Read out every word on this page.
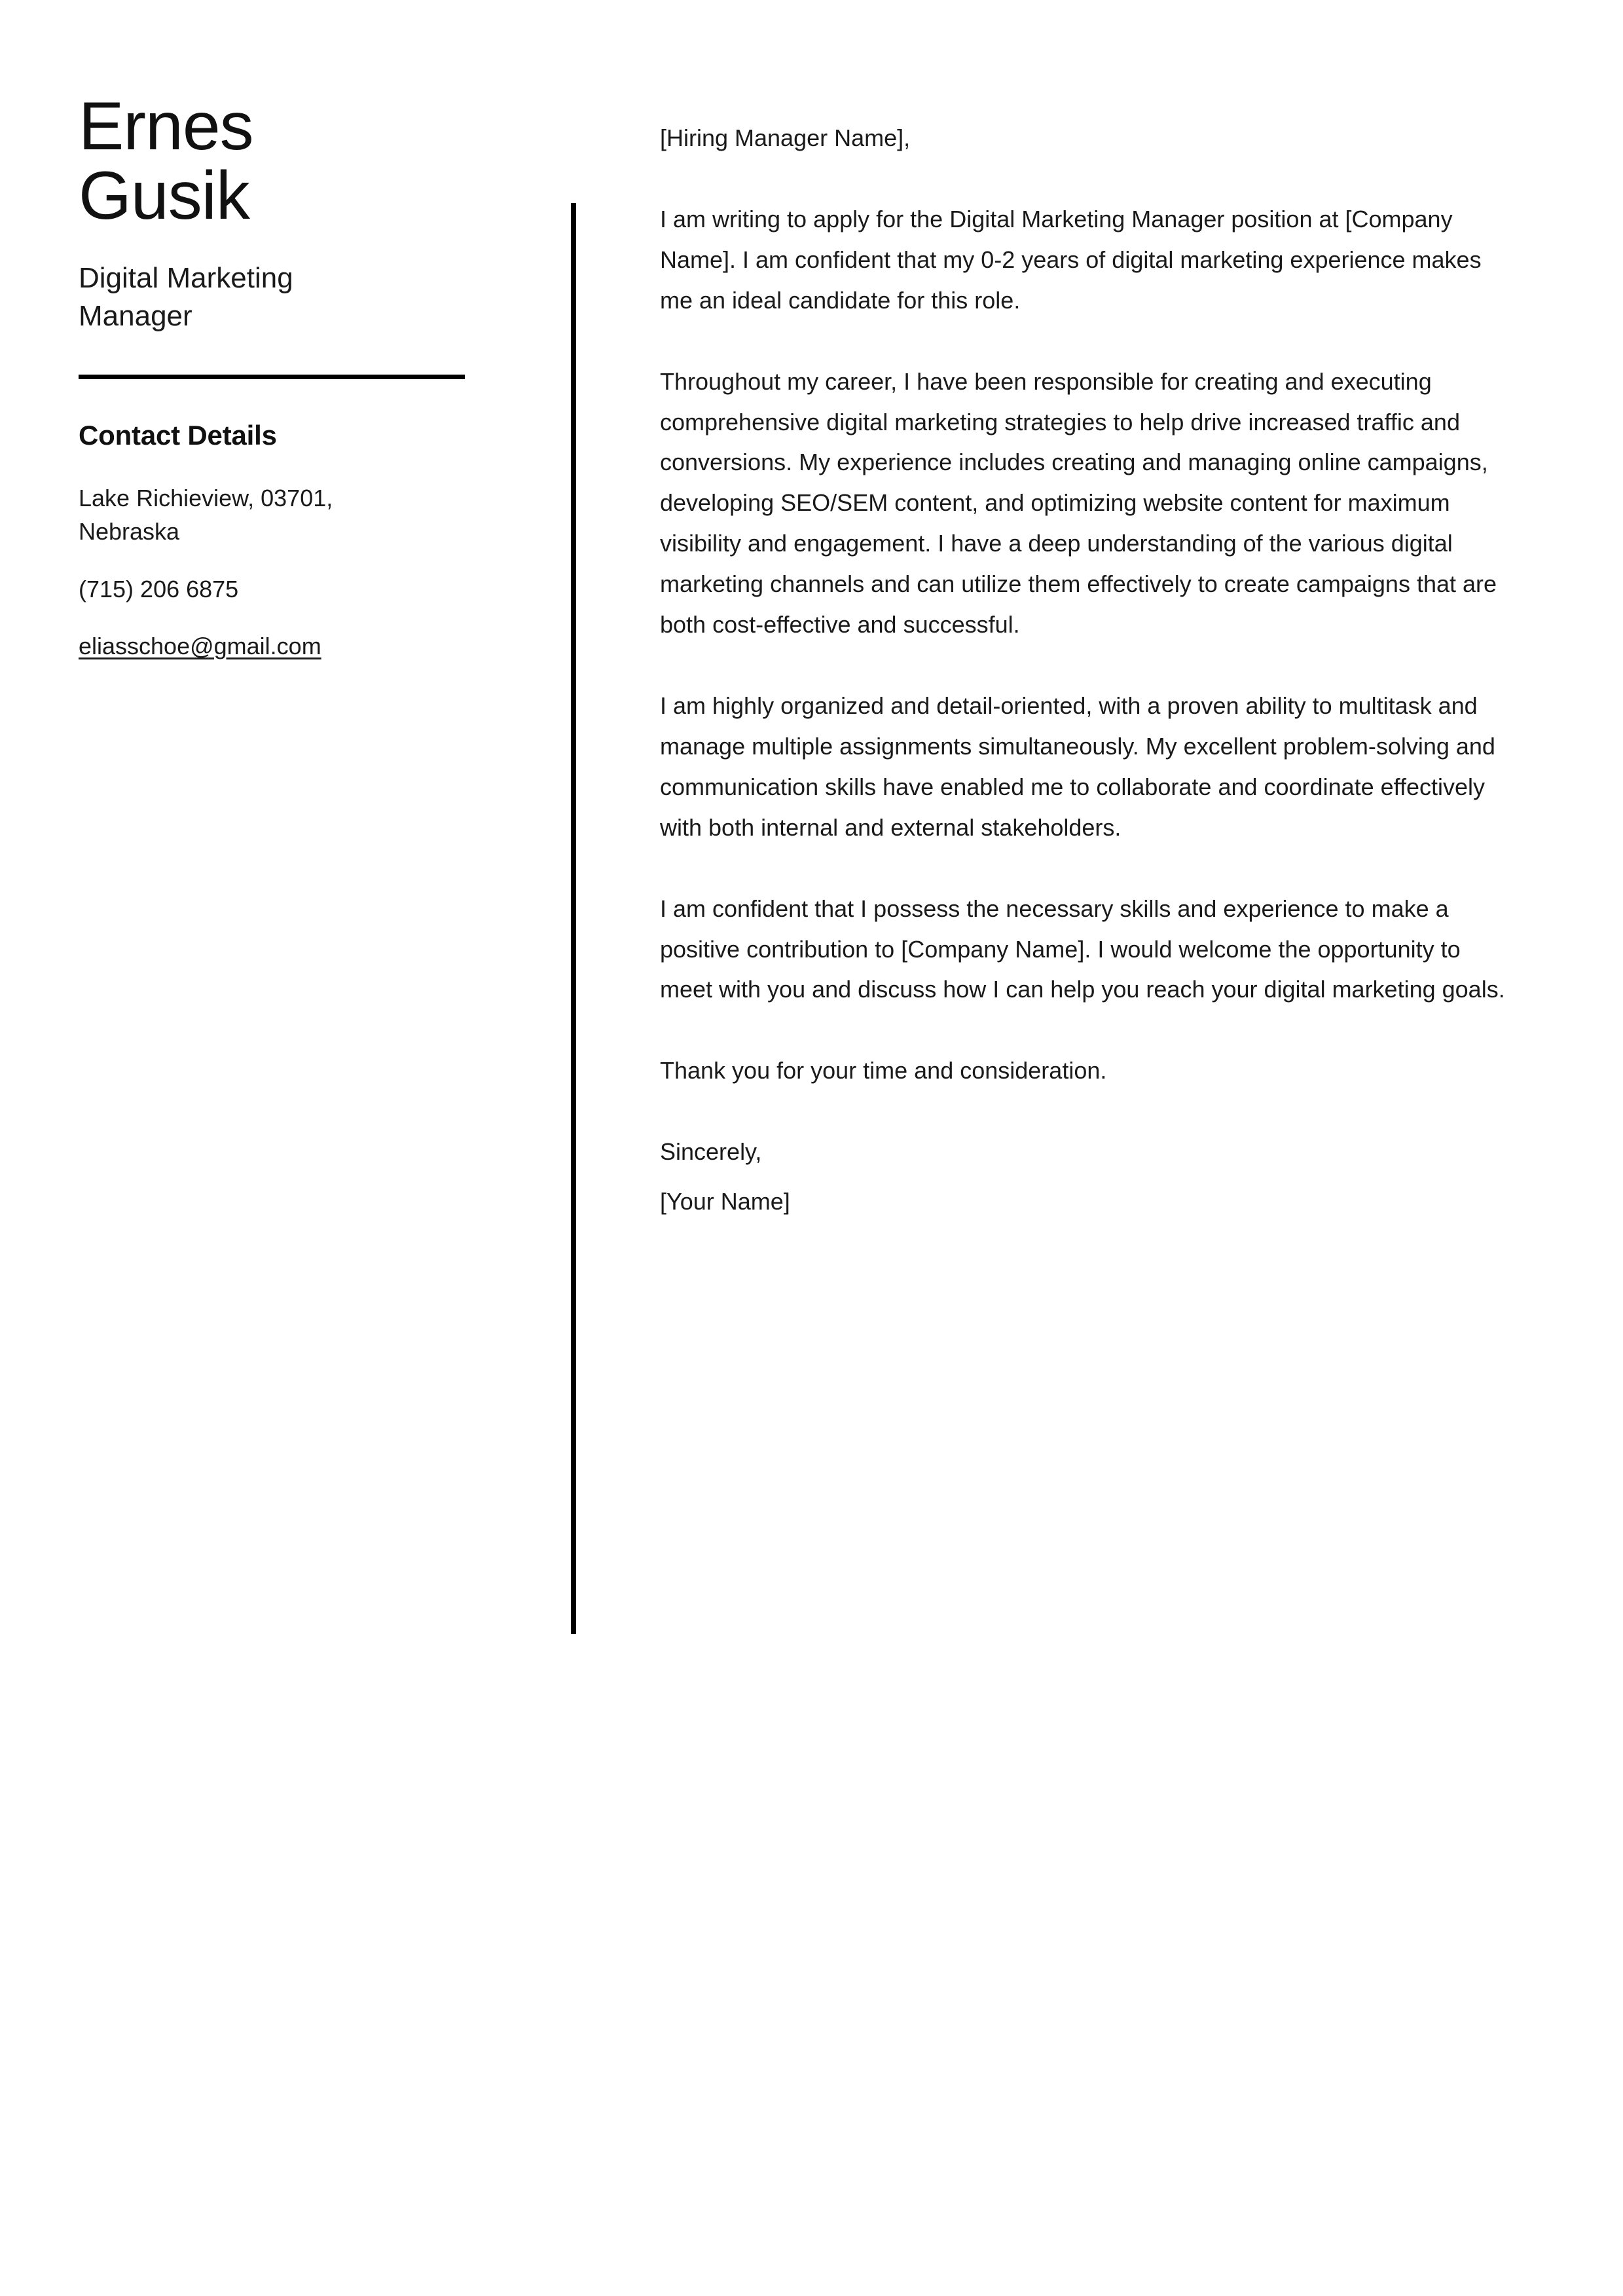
Ernes
Gusik
Digital Marketing Manager
Contact Details
Lake Richieview, 03701,
Nebraska
(715) 206 6875
eliasschoe@gmail.com

[Hiring Manager Name],

I am writing to apply for the Digital Marketing Manager position at [Company Name]. I am confident that my 0-2 years of digital marketing experience makes me an ideal candidate for this role.

Throughout my career, I have been responsible for creating and executing comprehensive digital marketing strategies to help drive increased traffic and conversions. My experience includes creating and managing online campaigns, developing SEO/SEM content, and optimizing website content for maximum visibility and engagement. I have a deep understanding of the various digital marketing channels and can utilize them effectively to create campaigns that are both cost-effective and successful.

I am highly organized and detail-oriented, with a proven ability to multitask and manage multiple assignments simultaneously. My excellent problem-solving and communication skills have enabled me to collaborate and coordinate effectively with both internal and external stakeholders.

I am confident that I possess the necessary skills and experience to make a positive contribution to [Company Name]. I would welcome the opportunity to meet with you and discuss how I can help you reach your digital marketing goals.

Thank you for your time and consideration.

Sincerely,

[Your Name]
